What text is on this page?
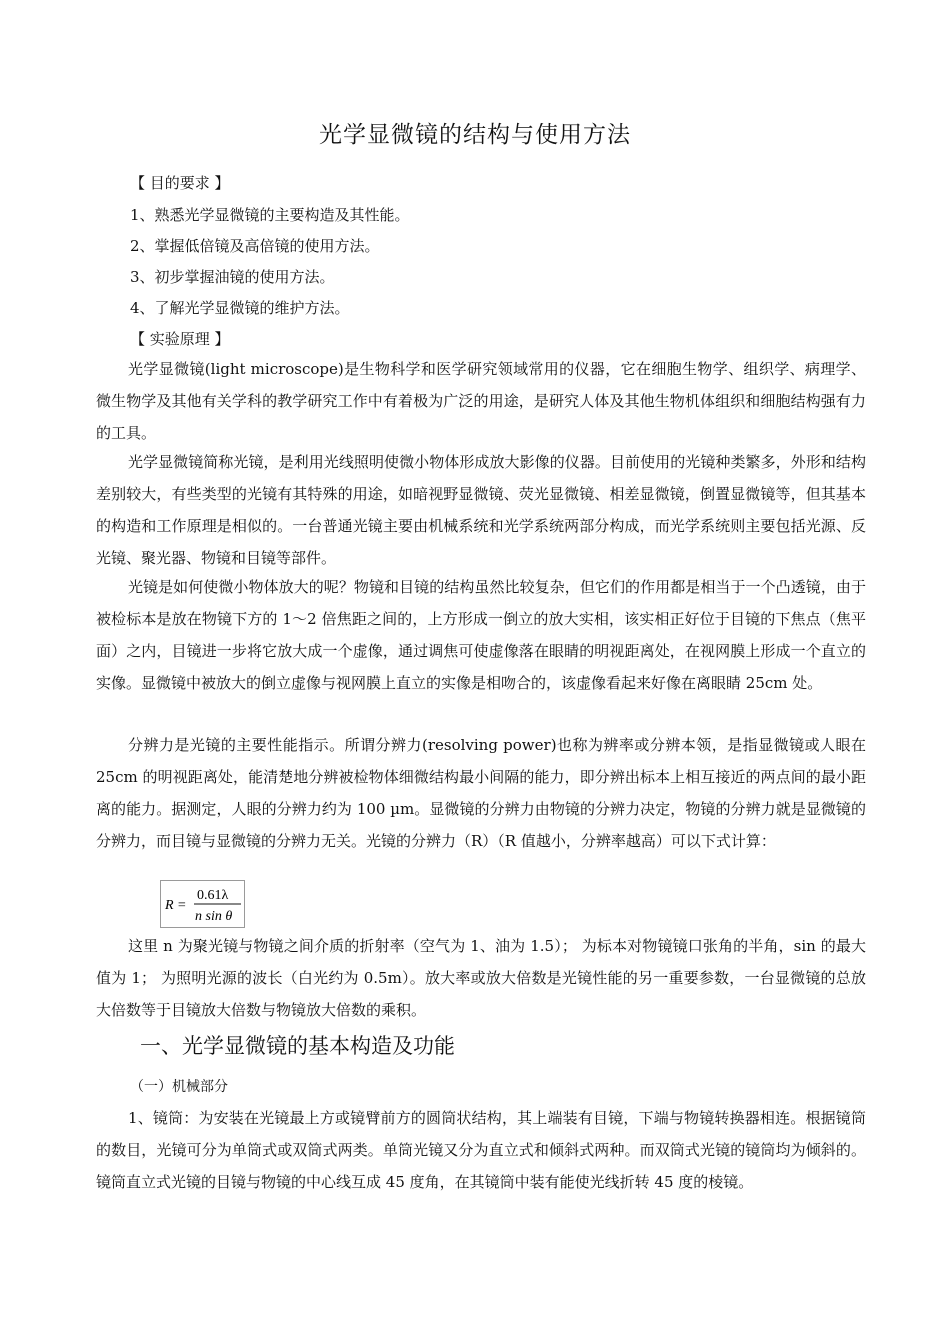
光学显微镜的结构与使用方法

【 目的要求 】

1、熟悉光学显微镜的主要构造及其性能。

2、掌握低倍镜及高倍镜的使用方法。

3、初步掌握油镜的使用方法。

4、了解光学显微镜的维护方法。

【 实验原理 】

光学显微镜(light microscope)是生物科学和医学研究领域常用的仪器，它在细胞生物学、组织学、病理学、微生物学及其他有关学科的教学研究工作中有着极为广泛的用途，是研究人体及其他生物机体组织和细胞结构强有力的工具。

光学显微镜简称光镜，是利用光线照明使微小物体形成放大影像的仪器。目前使用的光镜种类繁多，外形和结构差别较大，有些类型的光镜有其特殊的用途，如暗视野显微镜、荧光显微镜、相差显微镜，倒置显微镜等，但其基本的构造和工作原理是相似的。一台普通光镜主要由机械系统和光学系统两部分构成，而光学系统则主要包括光源、反光镜、聚光器、物镜和目镜等部件。

光镜是如何使微小物体放大的呢？物镜和目镜的结构虽然比较复杂，但它们的作用都是相当于一个凸透镜，由于被检标本是放在物镜下方的 1～2 倍焦距之间的，上方形成一倒立的放大实相，该实相正好位于目镜的下焦点（焦平面）之内，目镜进一步将它放大成一个虚像，通过调焦可使虚像落在眼睛的明视距离处，在视网膜上形成一个直立的实像。显微镜中被放大的倒立虚像与视网膜上直立的实像是相吻合的，该虚像看起来好像在离眼睛 25cm 处。

分辨力是光镜的主要性能指示。所谓分辨力(resolving power)也称为辨率或分辨本领，是指显微镜或人眼在 25cm 的明视距离处，能清楚地分辨被检物体细微结构最小间隔的能力，即分辨出标本上相互接近的两点间的最小距离的能力。据测定，人眼的分辨力约为 100 µm。显微镜的分辨力由物镜的分辨力决定，物镜的分辨力就是显微镜的分辨力，而目镜与显微镜的分辨力无关。光镜的分辨力（R）（R 值越小，分辨率越高）可以下式计算：

R =
0.61λ
n sin θ

这里 n 为聚光镜与物镜之间介质的折射率（空气为 1、油为 1.5）； 为标本对物镜镜口张角的半角，sin 的最大值为 1； 为照明光源的波长（白光约为 0.5m）。放大率或放大倍数是光镜性能的另一重要参数，一台显微镜的总放大倍数等于目镜放大倍数与物镜放大倍数的乘积。

一、光学显微镜的基本构造及功能

（一）机械部分

1、镜筒：为安装在光镜最上方或镜臂前方的圆筒状结构，其上端装有目镜，下端与物镜转换器相连。根据镜筒的数目，光镜可分为单筒式或双筒式两类。单筒光镜又分为直立式和倾斜式两种。而双筒式光镜的镜筒均为倾斜的。镜筒直立式光镜的目镜与物镜的中心线互成 45 度角，在其镜筒中装有能使光线折转 45 度的棱镜。
